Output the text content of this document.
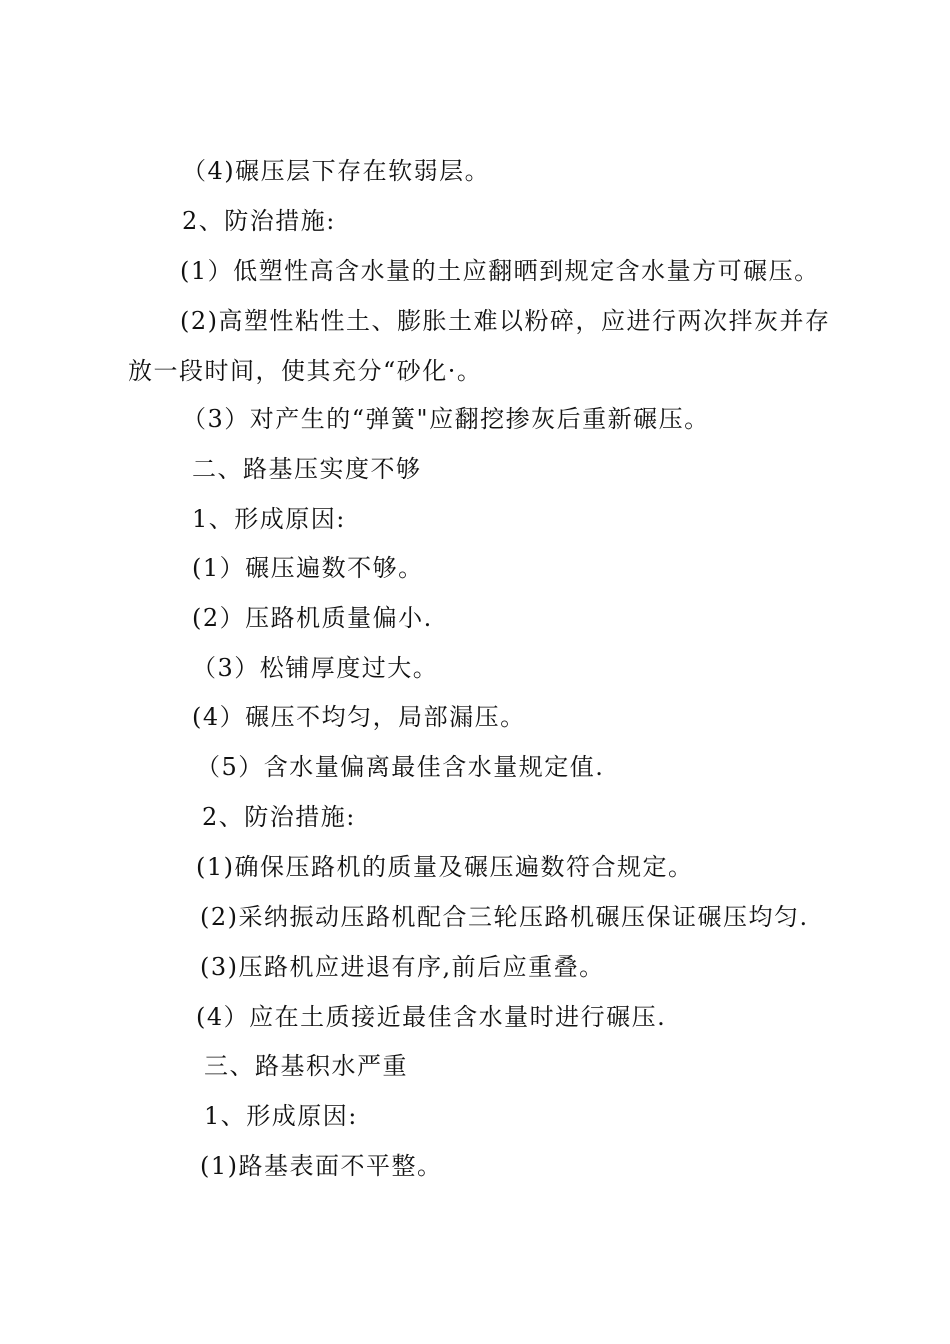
（4)碾压层下存在软弱层。
2、防治措施:
(1）低塑性高含水量的土应翻晒到规定含水量方可碾压。
(2)高塑性粘性土、膨胀土难以粉碎，应进行两次拌灰并存
放一段时间，使其充分“砂化·。
（3）对产生的“弹簧"应翻挖掺灰后重新碾压。
二、路基压实度不够
1、形成原因:
(1）碾压遍数不够。
(2）压路机质量偏小.
（3）松铺厚度过大。
(4）碾压不均匀，局部漏压。
（5）含水量偏离最佳含水量规定值.
2、防治措施:
(1)确保压路机的质量及碾压遍数符合规定。
(2)采纳振动压路机配合三轮压路机碾压保证碾压均匀.
(3)压路机应进退有序,前后应重叠。
(4）应在土质接近最佳含水量时进行碾压.
三、路基积水严重
1、形成原因:
(1)路基表面不平整。
